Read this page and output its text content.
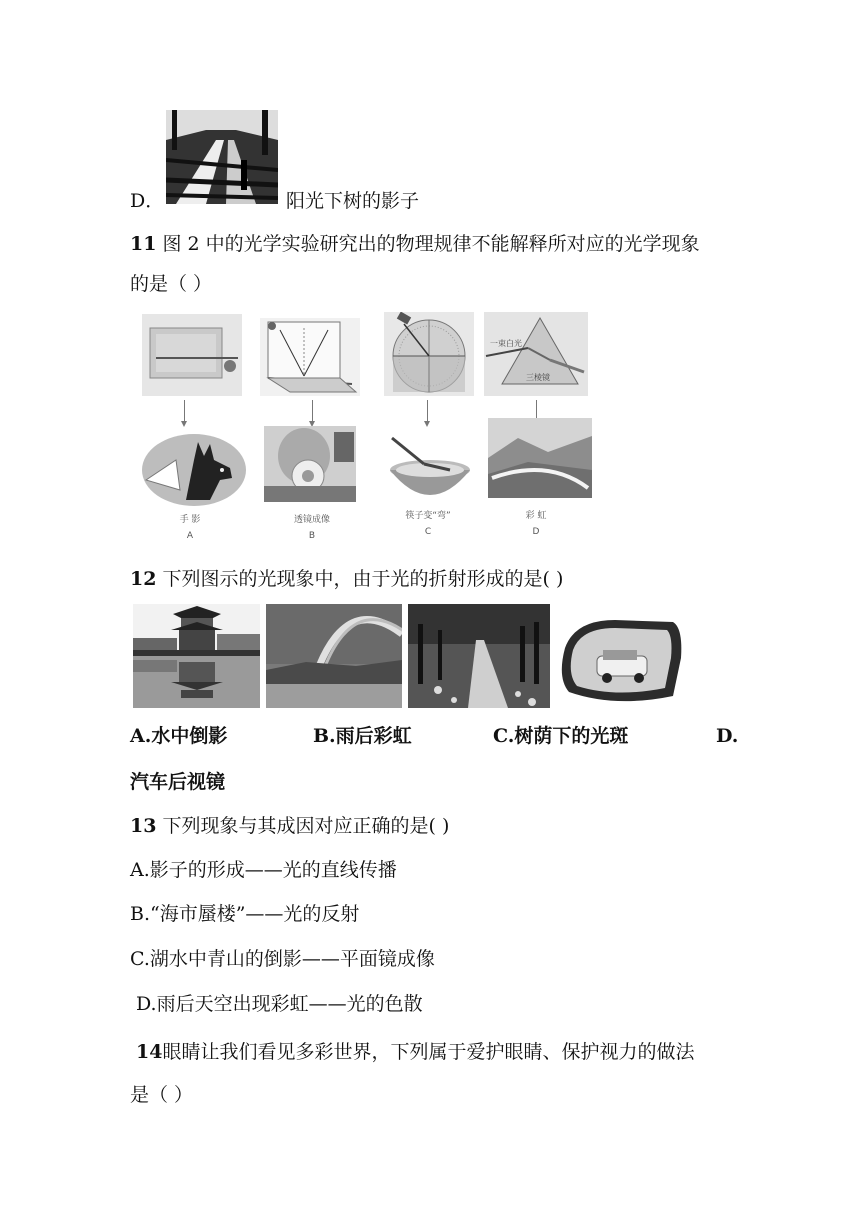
D．	阳光下树的影子
11 图 2 中的光学实验研究出的物理规律不能解释所对应的光学现象
的是（ ）
一束白光
三棱镜
手 影
A
透镜成像
B
筷子变“弯”
C
彩 虹
D
12 下列图示的光现象中，由于光的折射形成的是( )
A.水中倒影	B.雨后彩虹	C.树荫下的光斑	D.
汽车后视镜
13 下列现象与其成因对应正确的是( )
A.影子的形成——光的直线传播
B.“海市蜃楼”——光的反射
C.湖水中青山的倒影——平面镜成像
D.雨后天空出现彩虹——光的色散
14眼睛让我们看见多彩世界，下列属于爱护眼睛、保护视力的做法
是（ ）
